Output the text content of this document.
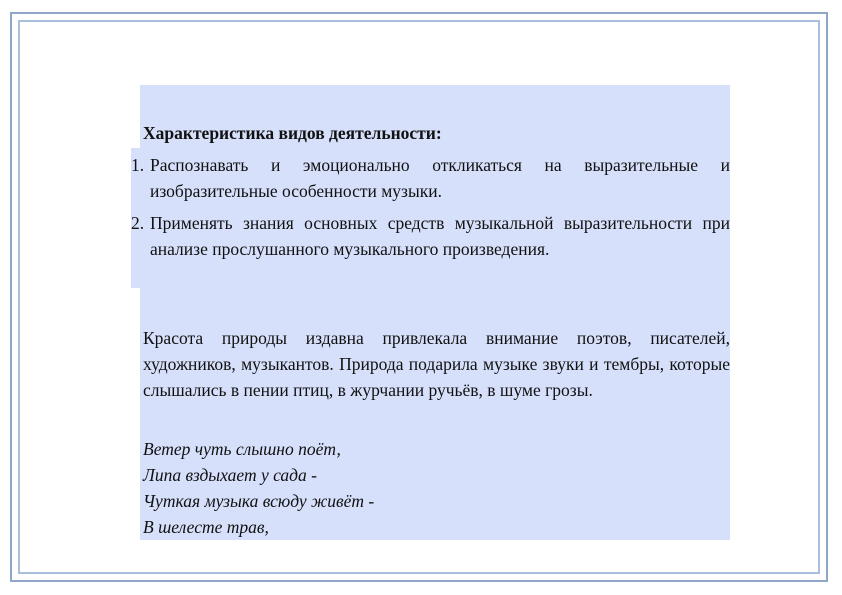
Характеристика видов деятельности:
1. Распознавать и эмоционально откликаться на выразительные и изобразительные особенности музыки.
2. Применять знания основных средств музыкальной выразительности при анализе прослушанного музыкального произведения.
Красота природы издавна привлекала внимание поэтов, писателей, художников, музыкантов. Природа подарила музыке звуки и тембры, которые слышались в пении птиц, в журчании ручьёв, в шуме грозы.
Ветер чуть слышно поёт,
Липа вздыхает у сада -
Чуткая музыка всюду живёт -
В шелесте трав,
